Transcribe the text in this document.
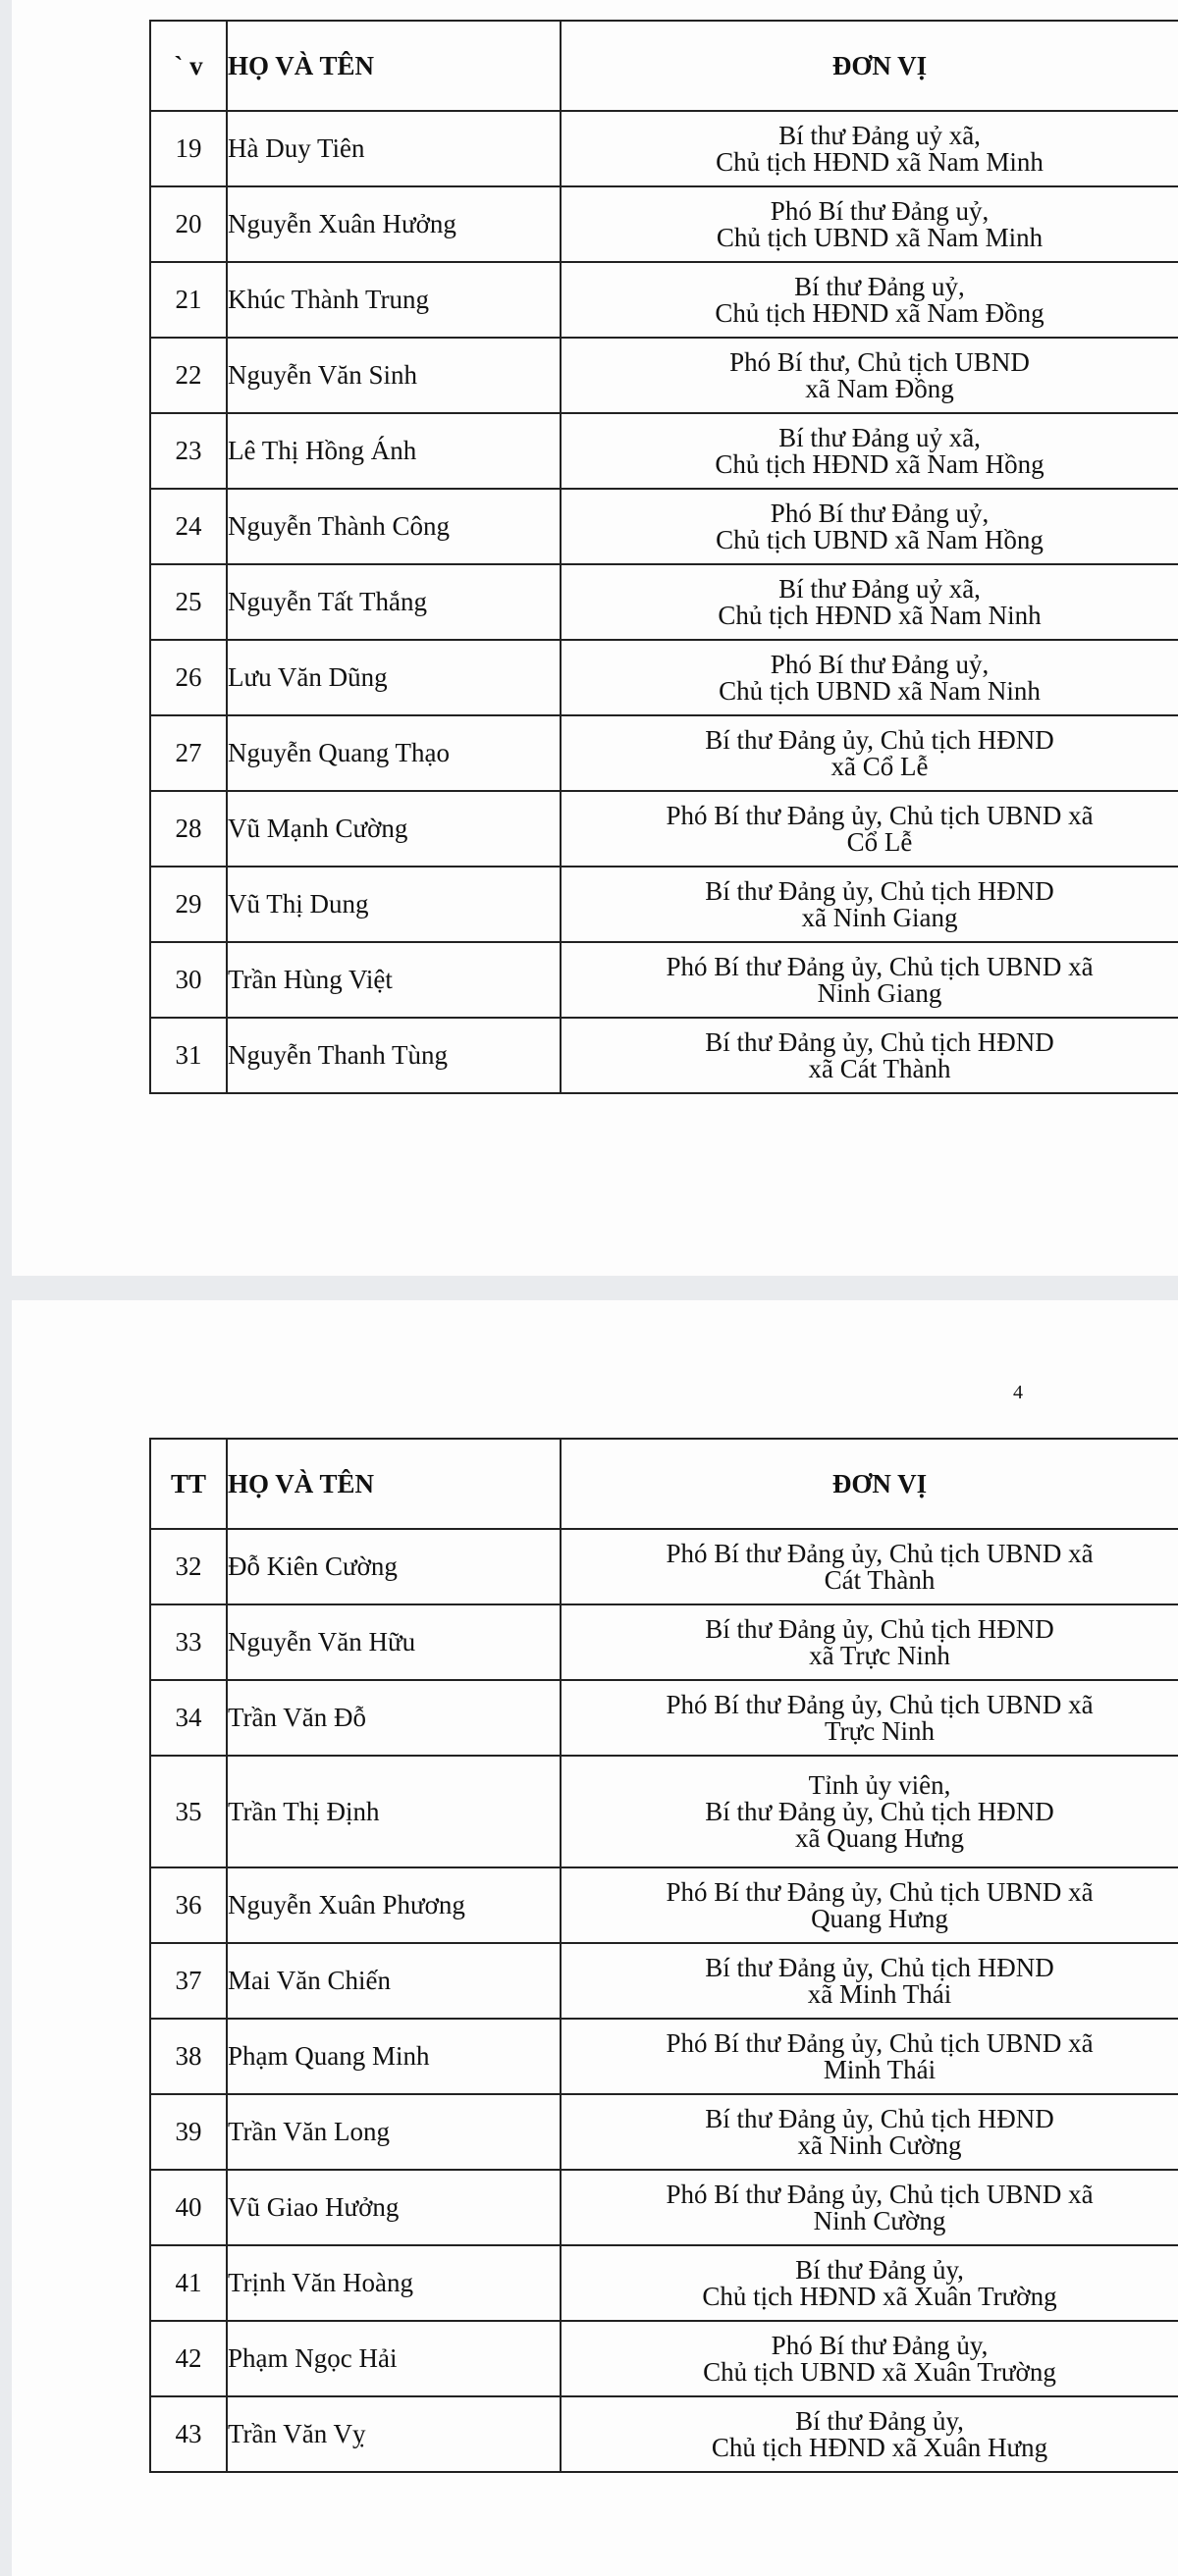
` v	HỌ VÀ TÊN	ĐƠN VỊ	
19	Hà Duy Tiên	Bí thư Đảng uỷ xã,
Chủ tịch HĐND xã Nam Minh	

20	Nguyễn Xuân Hưởng	Phó Bí thư Đảng uỷ,
Chủ tịch UBND xã Nam Minh	

21	Khúc Thành Trung	Bí thư Đảng uỷ,
Chủ tịch HĐND xã Nam Đồng	

22	Nguyễn Văn Sinh	Phó Bí thư, Chủ tịch UBND
xã Nam Đồng	

23	Lê Thị Hồng Ánh	Bí thư Đảng uỷ xã,
Chủ tịch HĐND xã Nam Hồng	

24	Nguyễn Thành Công	Phó Bí thư Đảng uỷ,
Chủ tịch UBND xã Nam Hồng	

25	Nguyễn Tất Thắng	Bí thư Đảng uỷ xã,
Chủ tịch HĐND xã Nam Ninh	

26	Lưu Văn Dũng	Phó Bí thư Đảng uỷ,
Chủ tịch UBND xã Nam Ninh	

27	Nguyễn Quang Thạo	Bí thư Đảng ủy, Chủ tịch HĐND
xã Cổ Lễ	

28	Vũ Mạnh Cường	Phó Bí thư Đảng ủy, Chủ tịch UBND xã
Cổ Lễ	

29	Vũ Thị Dung	Bí thư Đảng ủy, Chủ tịch HĐND
xã Ninh Giang	

30	Trần Hùng Việt	Phó Bí thư Đảng ủy, Chủ tịch UBND xã
Ninh Giang	

31	Nguyễn Thanh Tùng	Bí thư Đảng ủy, Chủ tịch HĐND
xã Cát Thành	

4
TT	HỌ VÀ TÊN	ĐƠN VỊ	
32	Đỗ Kiên Cường	Phó Bí thư Đảng ủy, Chủ tịch UBND xã
Cát Thành	

33	Nguyễn Văn Hữu	Bí thư Đảng ủy, Chủ tịch HĐND
xã Trực Ninh	

34	Trần Văn Đỗ	Phó Bí thư Đảng ủy, Chủ tịch UBND xã
Trực Ninh	

35	Trần Thị Định	Tỉnh ủy viên,
Bí thư Đảng ủy, Chủ tịch HĐND
xã Quang Hưng	

36	Nguyễn Xuân Phương	Phó Bí thư Đảng ủy, Chủ tịch UBND xã
Quang Hưng	

37	Mai Văn Chiến	Bí thư Đảng ủy, Chủ tịch HĐND
xã Minh Thái	

38	Phạm Quang Minh	Phó Bí thư Đảng ủy, Chủ tịch UBND xã
Minh Thái	

39	Trần Văn Long	Bí thư Đảng ủy, Chủ tịch HĐND
xã Ninh Cường	

40	Vũ Giao Hưởng	Phó Bí thư Đảng ủy, Chủ tịch UBND xã
Ninh Cường	

41	Trịnh Văn Hoàng	Bí thư Đảng ủy,
Chủ tịch HĐND xã Xuân Trường	

42	Phạm Ngọc Hải	Phó Bí thư Đảng ủy,
Chủ tịch UBND xã Xuân Trường	

43	Trần Văn Vỵ	Bí thư Đảng ủy,
Chủ tịch HĐND xã Xuân Hưng	
